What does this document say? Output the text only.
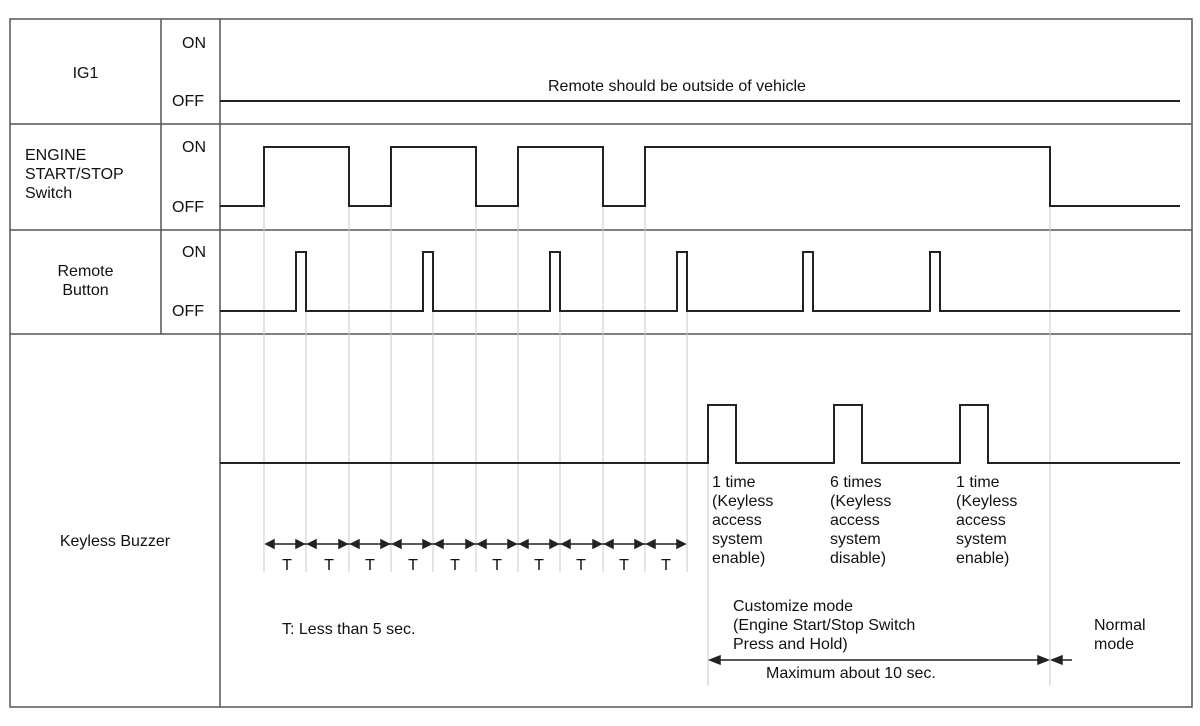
IG1
ON
OFF
ENGINE
START/STOP
Switch
ON
OFF
Remote
Button
ON
OFF
Keyless Buzzer
Remote should be outside of vehicle
T	T	T	T	T	T	T	T	T	T
T: Less than 5 sec.
1 time
(Keyless
access
system
enable)
6 times
(Keyless
access
system
disable)
1 time
(Keyless
access
system
enable)
Customize mode
(Engine Start/Stop Switch
Press and Hold)
Maximum about 10 sec.
Normal
mode
